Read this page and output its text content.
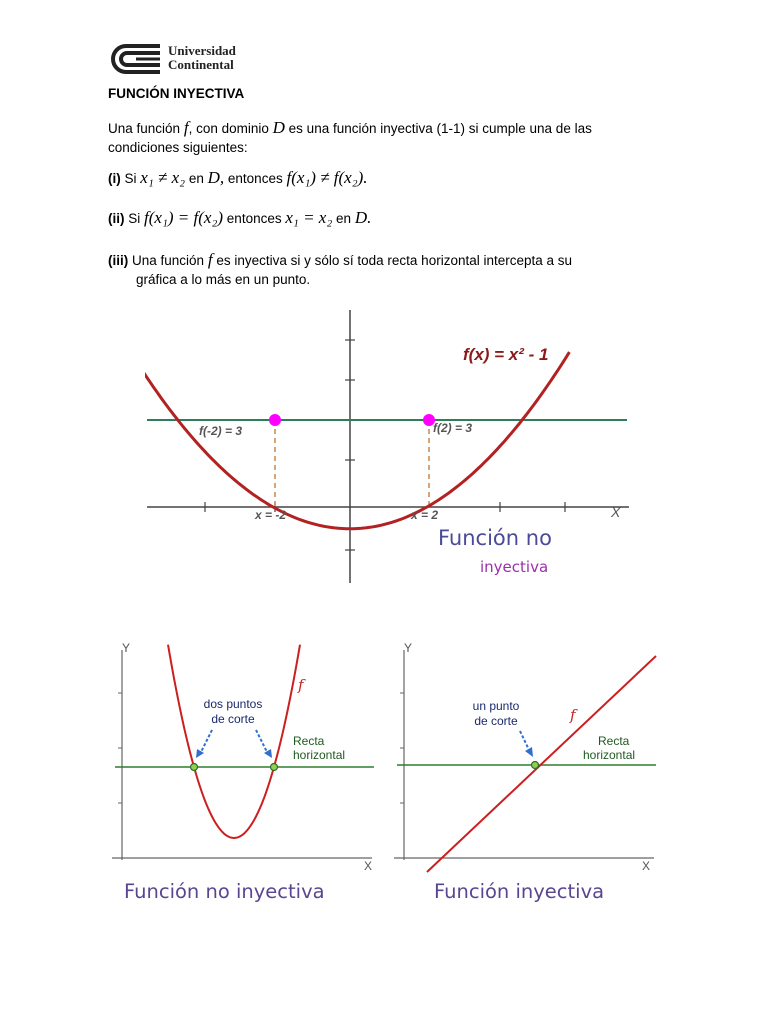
Universidad
Continental
FUNCIÓN INYECTIVA
Una función f, con dominio D es una función inyectiva (1-1) si cumple una de las
condiciones siguientes:
(i) Si x₁ ≠ x₂ en D, entonces f(x₁) ≠ f(x₂).
(ii) Si f(x₁) = f(x₂) entonces x₁ = x₂ en D.
(iii) Una función f es inyectiva si y sólo sí toda recta horizontal intercepta a su
gráfica a lo más en un punto.
X
f(x) = x² - 1
f(-2) = 3	f(2) = 3
x = -2	x = 2
Función no
inyectiva
Y
X
f
dos puntos
de corte
Recta
horizontal
Función no inyectiva
Y
X
f
un punto
de corte
Recta
horizontal
Función inyectiva
